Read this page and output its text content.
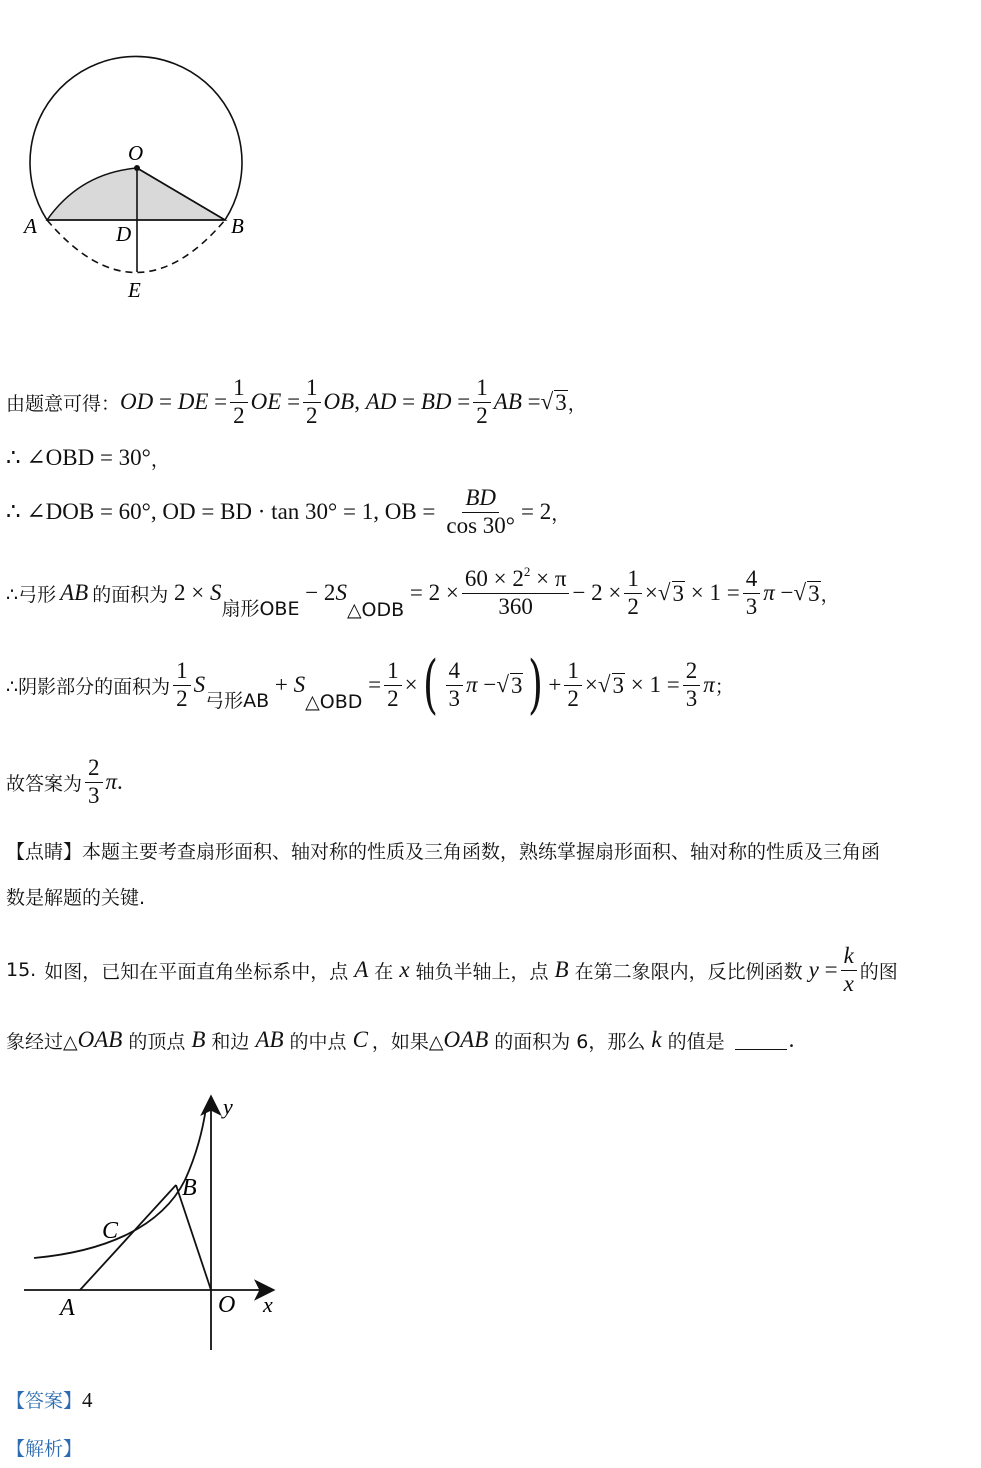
O
A	B
D
E
由题意可得： OD = DE = $\frac{1}{2}$ OE = $\frac{1}{2}$ OB, AD = BD = $\frac{1}{2}$ AB = √ 3 ，
∴ ∠OBD = 30° ，
∴ ∠DOB = 60°, OD = BD · tan 30° = 1, OB = $\frac{BD}{\cos 30^\circ} = 2$ ，
∴弓形 AB 的面积为 2 × S
扇形OBE
− 2S
△ODB
= $2 \times \frac{60 \times 2^2 \times \pi}{360} - 2 \times \frac{1}{2}$ × √ $3 \times 1 = \frac{4}{3}$ π − √ 3 ，
∴阴影部分的面积为 $\frac{1}{2}$ S
弓形AB
+ S
△OBD
= $\frac{1}{2}$ × ( $\frac{4}{3}$ π − √ 3 ) + $\frac{1}{2}$ × √ $3 \times 1 = \frac{2}{3}$ π ；
故答案为 $\frac{2}{3}$ π .
【点睛】本题主要考查扇形面积、轴对称的性质及三角函数，熟练掌握扇形面积、轴对称的性质及三角函
数是解题的关键.
15. 如图，已知在平面直角坐标系中，点 A 在 x 轴负半轴上，点 B 在第二象限内，反比例函数 $y = \frac{k}{x}$ 的图
象经过△ OAB 的顶点 B 和边 AB 的中点 C ，如果△ OAB 的面积为 6，那么 k 的值是	.
y
x
B
C
A	O
【答案】4
【解析】
